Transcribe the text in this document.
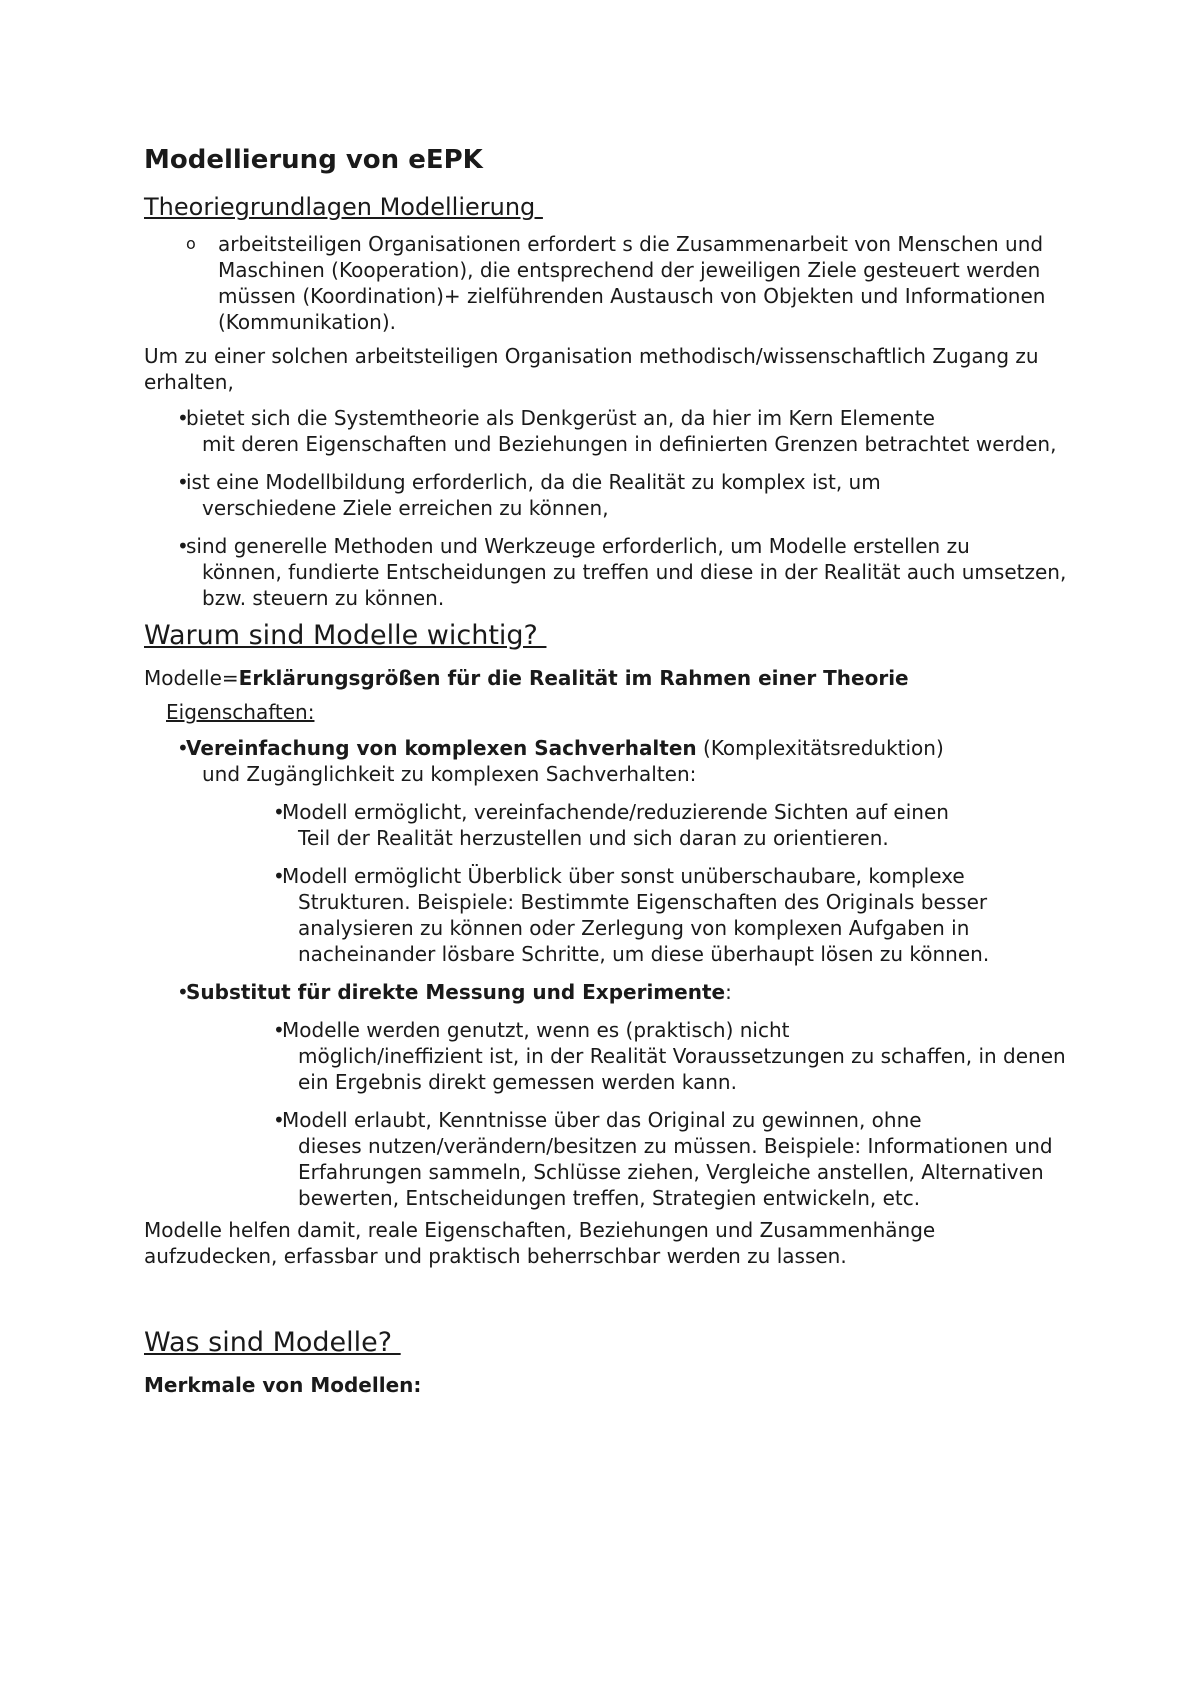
Modellierung von eEPK
Theoriegrundlagen Modellierung
o arbeitsteiligen Organisationen erfordert s die Zusammenarbeit von Menschen und Maschinen (Kooperation), die entsprechend der jeweiligen Ziele gesteuert werden müssen (Koordination)+ zielführenden Austausch von Objekten und Informationen (Kommunikation).
Um zu einer solchen arbeitsteiligen Organisation methodisch/wissenschaftlich Zugang zu erhalten,
•
bietet sich die Systemtheorie als Denkgerüst an, da hier im Kern Elemente
mit deren Eigenschaften und Beziehungen in definierten Grenzen betrachtet werden,
•
ist eine Modellbildung erforderlich, da die Realität zu komplex ist, um
verschiedene Ziele erreichen zu können,
•
sind generelle Methoden und Werkzeuge erforderlich, um Modelle erstellen zu
können, fundierte Entscheidungen zu treffen und diese in der Realität auch umsetzen, bzw. steuern zu können.
Warum sind Modelle wichtig?
Modelle=Erklärungsgrößen für die Realität im Rahmen einer Theorie
Eigenschaften:
•
Vereinfachung von komplexen Sachverhalten (Komplexitätsreduktion)
und Zugänglichkeit zu komplexen Sachverhalten:
•
Modell ermöglicht, vereinfachende/reduzierende Sichten auf einen
Teil der Realität herzustellen und sich daran zu orientieren.
•
Modell ermöglicht Überblick über sonst unüberschaubare, komplexe
Strukturen. Beispiele: Bestimmte Eigenschaften des Originals besser analysieren zu können oder Zerlegung von komplexen Aufgaben in nacheinander lösbare Schritte, um diese überhaupt lösen zu können.
•
Substitut für direkte Messung und Experimente:
•
Modelle werden genutzt, wenn es (praktisch) nicht
möglich/ineffizient ist, in der Realität Voraussetzungen zu schaffen, in denen ein Ergebnis direkt gemessen werden kann.
•
Modell erlaubt, Kenntnisse über das Original zu gewinnen, ohne
dieses nutzen/verändern/besitzen zu müssen. Beispiele: Informationen und Erfahrungen sammeln, Schlüsse ziehen, Vergleiche anstellen, Alternativen bewerten, Entscheidungen treffen, Strategien entwickeln, etc.
Modelle helfen damit, reale Eigenschaften, Beziehungen und Zusammenhänge aufzudecken, erfassbar und praktisch beherrschbar werden zu lassen.
Was sind Modelle?
Merkmale von Modellen:
